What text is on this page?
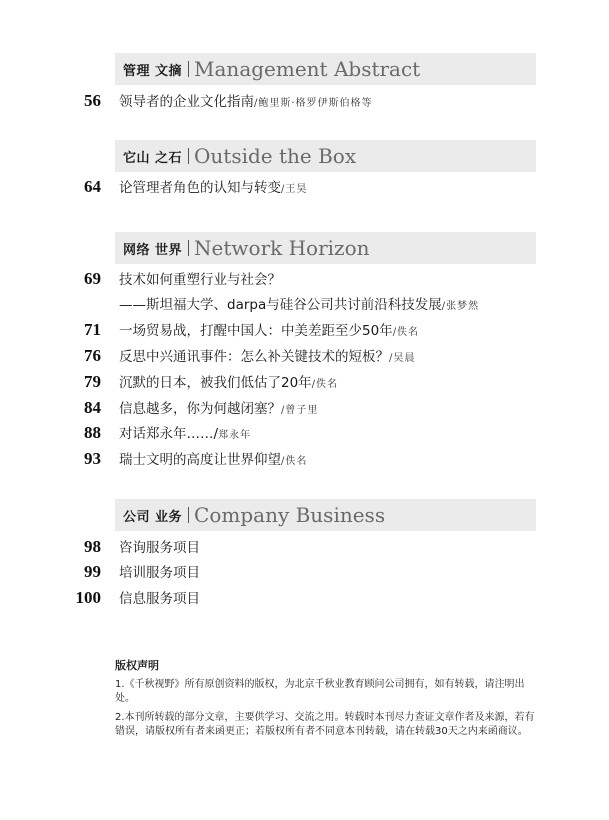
管理 文摘 Management Abstract
56 领导者的企业文化指南/鲍里斯·格罗伊斯伯格等
它山 之石 Outside the Box
64 论管理者角色的认知与转变/王昊
网络 世界 Network Horizon
69 技术如何重塑行业与社会？
——斯坦福大学、darpa与硅谷公司共讨前沿科技发展/张梦然
71 一场贸易战，打醒中国人：中美差距至少50年/佚名
76 反思中兴通讯事件：怎么补关键技术的短板？/吴晨
79 沉默的日本，被我们低估了20年/佚名
84 信息越多，你为何越闭塞？/曾子里
88 对话郑永年……/郑永年
93 瑞士文明的高度让世界仰望/佚名
公司 业务 Company Business
98 咨询服务项目
99 培训服务项目
100 信息服务项目
版权声明
1.《千秋视野》所有原创资料的版权，为北京千秋业教育顾问公司拥有，如有转载，请注明出处。
2.本刊所转载的部分文章，主要供学习、交流之用。转载时本刊尽力查证文章作者及来源，若有错误，请版权所有者来函更正；若版权所有者不同意本刊转载，请在转载30天之内来函商议。
